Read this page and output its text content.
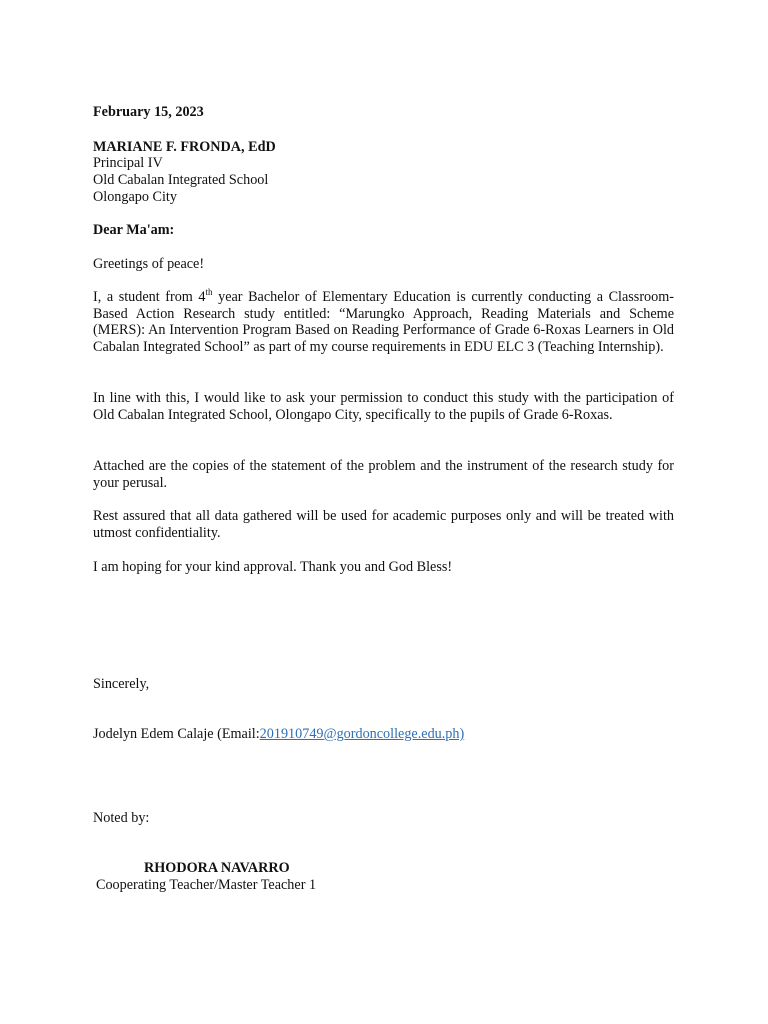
February 15, 2023
MARIANE F. FRONDA, EdD
Principal IV
Old Cabalan Integrated School
Olongapo City
Dear Ma'am:
Greetings of peace!
I, a student from 4th year Bachelor of Elementary Education is currently conducting a Classroom-Based Action Research study entitled: “Marungko Approach, Reading Materials and Scheme (MERS): An Intervention Program Based on Reading Performance of Grade 6-Roxas Learners in Old Cabalan Integrated School” as part of my course requirements in EDU ELC 3 (Teaching Internship).
In line with this, I would like to ask your permission to conduct this study with the participation of Old Cabalan Integrated School, Olongapo City, specifically to the pupils of Grade 6-Roxas.
Attached are the copies of the statement of the problem and the instrument of the research study for your perusal.
Rest assured that all data gathered will be used for academic purposes only and will be treated with utmost confidentiality.
I am hoping for your kind approval. Thank you and God Bless!
Sincerely,
Jodelyn Edem Calaje (Email:201910749@gordoncollege.edu.ph)
Noted by:
RHODORA NAVARRO
Cooperating Teacher/Master Teacher 1
